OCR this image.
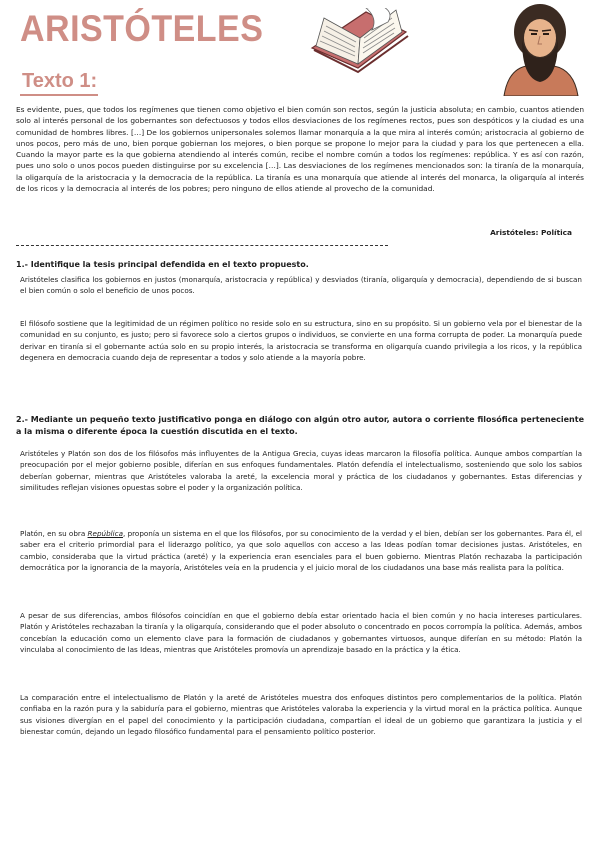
ARISTÓTELES
Texto 1:

Es evidente, pues, que todos los regímenes que tienen como objetivo el bien común son rectos, según la justicia absoluta; en cambio, cuantos atienden solo al interés personal de los gobernantes son defectuosos y todos ellos desviaciones de los regímenes rectos, pues son despóticos y la ciudad es una comunidad de hombres libres. […] De los gobiernos unipersonales solemos llamar monarquía a la que mira al interés común; aristocracia al gobierno de unos pocos, pero más de uno, bien porque gobiernan los mejores, o bien porque se propone lo mejor para la ciudad y para los que pertenecen a ella. Cuando la mayor parte es la que gobierna atendiendo al interés común, recibe el nombre común a todos los regímenes: república. Y es así con razón, pues uno solo o unos pocos pueden distinguirse por su excelencia […]. Las desviaciones de los regímenes mencionados son: la tiranía de la monarquía, la oligarquía de la aristocracia y la democracia de la república. La tiranía es una monarquía que atiende al interés del monarca, la oligarquía al interés de los ricos y la democracia al interés de los pobres; pero ninguno de ellos atiende al provecho de la comunidad.

Aristóteles: Política

1.- Identifique la tesis principal defendida en el texto propuesto.

Aristóteles clasifica los gobiernos en justos (monarquía, aristocracia y república) y desviados (tiranía, oligarquía y democracia), dependiendo de si buscan el bien común o solo el beneficio de unos pocos.

El filósofo sostiene que la legitimidad de un régimen político no reside solo en su estructura, sino en su propósito. Si un gobierno vela por el bienestar de la comunidad en su conjunto, es justo; pero si favorece solo a ciertos grupos o individuos, se convierte en una forma corrupta de poder. La monarquía puede derivar en tiranía si el gobernante actúa solo en su propio interés, la aristocracia se transforma en oligarquía cuando privilegia a los ricos, y la república degenera en democracia cuando deja de representar a todos y solo atiende a la mayoría pobre.

2.- Mediante un pequeño texto justificativo ponga en diálogo con algún otro autor, autora o corriente filosófica perteneciente a la misma o diferente época la cuestión discutida en el texto.

Aristóteles y Platón son dos de los filósofos más influyentes de la Antigua Grecia, cuyas ideas marcaron la filosofía política. Aunque ambos compartían la preocupación por el mejor gobierno posible, diferían en sus enfoques fundamentales. Platón defendía el intelectualismo, sosteniendo que solo los sabios deberían gobernar, mientras que Aristóteles valoraba la areté, la excelencia moral y práctica de los ciudadanos y gobernantes. Estas diferencias y similitudes reflejan visiones opuestas sobre el poder y la organización política.

Platón, en su obra República, proponía un sistema en el que los filósofos, por su conocimiento de la verdad y el bien, debían ser los gobernantes. Para él, el saber era el criterio primordial para el liderazgo político, ya que solo aquellos con acceso a las Ideas podían tomar decisiones justas. Aristóteles, en cambio, consideraba que la virtud práctica (areté) y la experiencia eran esenciales para el buen gobierno. Mientras Platón rechazaba la participación democrática por la ignorancia de la mayoría, Aristóteles veía en la prudencia y el juicio moral de los ciudadanos una base más realista para la política.

A pesar de sus diferencias, ambos filósofos coincidían en que el gobierno debía estar orientado hacia el bien común y no hacia intereses particulares. Platón y Aristóteles rechazaban la tiranía y la oligarquía, considerando que el poder absoluto o concentrado en pocos corrompía la política. Además, ambos concebían la educación como un elemento clave para la formación de ciudadanos y gobernantes virtuosos, aunque diferían en su método: Platón la vinculaba al conocimiento de las Ideas, mientras que Aristóteles promovía un aprendizaje basado en la práctica y la ética.

La comparación entre el intelectualismo de Platón y la areté de Aristóteles muestra dos enfoques distintos pero complementarios de la política. Platón confiaba en la razón pura y la sabiduría para el gobierno, mientras que Aristóteles valoraba la experiencia y la virtud moral en la práctica política. Aunque sus visiones divergían en el papel del conocimiento y la participación ciudadana, compartían el ideal de un gobierno que garantizara la justicia y el bienestar común, dejando un legado filosófico fundamental para el pensamiento político posterior.
